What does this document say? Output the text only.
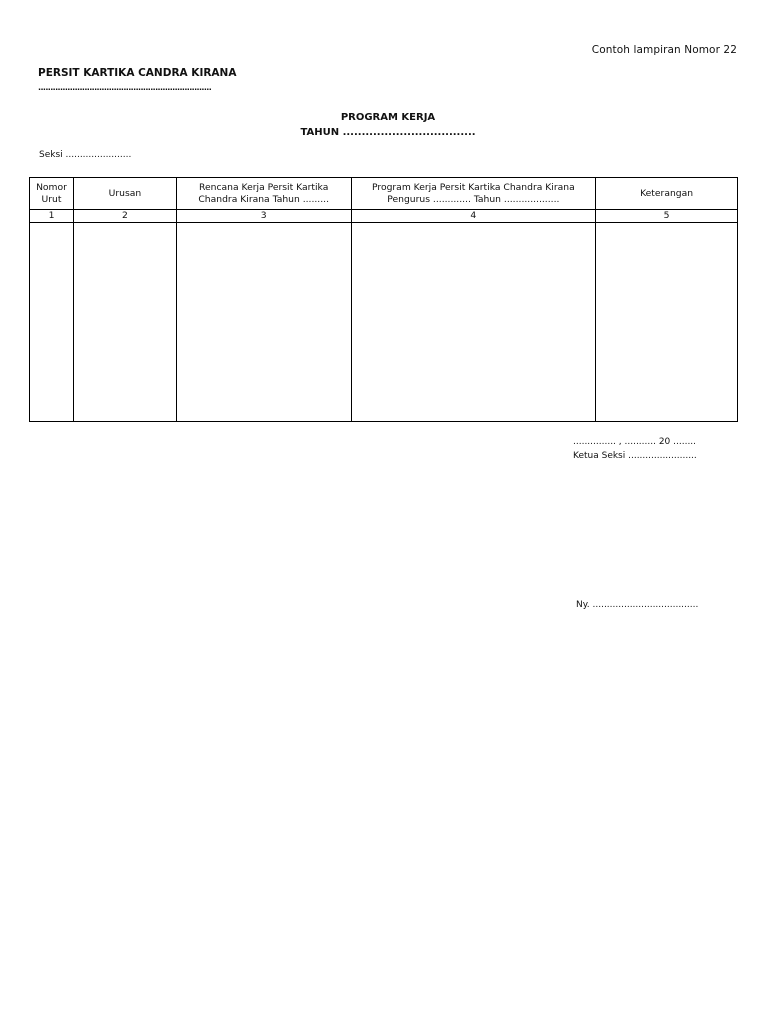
Contoh lampiran Nomor 22
PERSIT KARTIKA CANDRA KIRANA
.......................................................................
PROGRAM KERJA
TAHUN ...................................
Seksi .......................
Nomor Urut	Urusan	Rencana Kerja Persit Kartika Chandra Kirana Tahun .........	Program Kerja Persit Kartika Chandra Kirana Pengurus ............. Tahun ...................	Keterangan
1	2	3	4	5

............... , ........... 20 ........
Ketua Seksi ........................
Ny. .....................................
